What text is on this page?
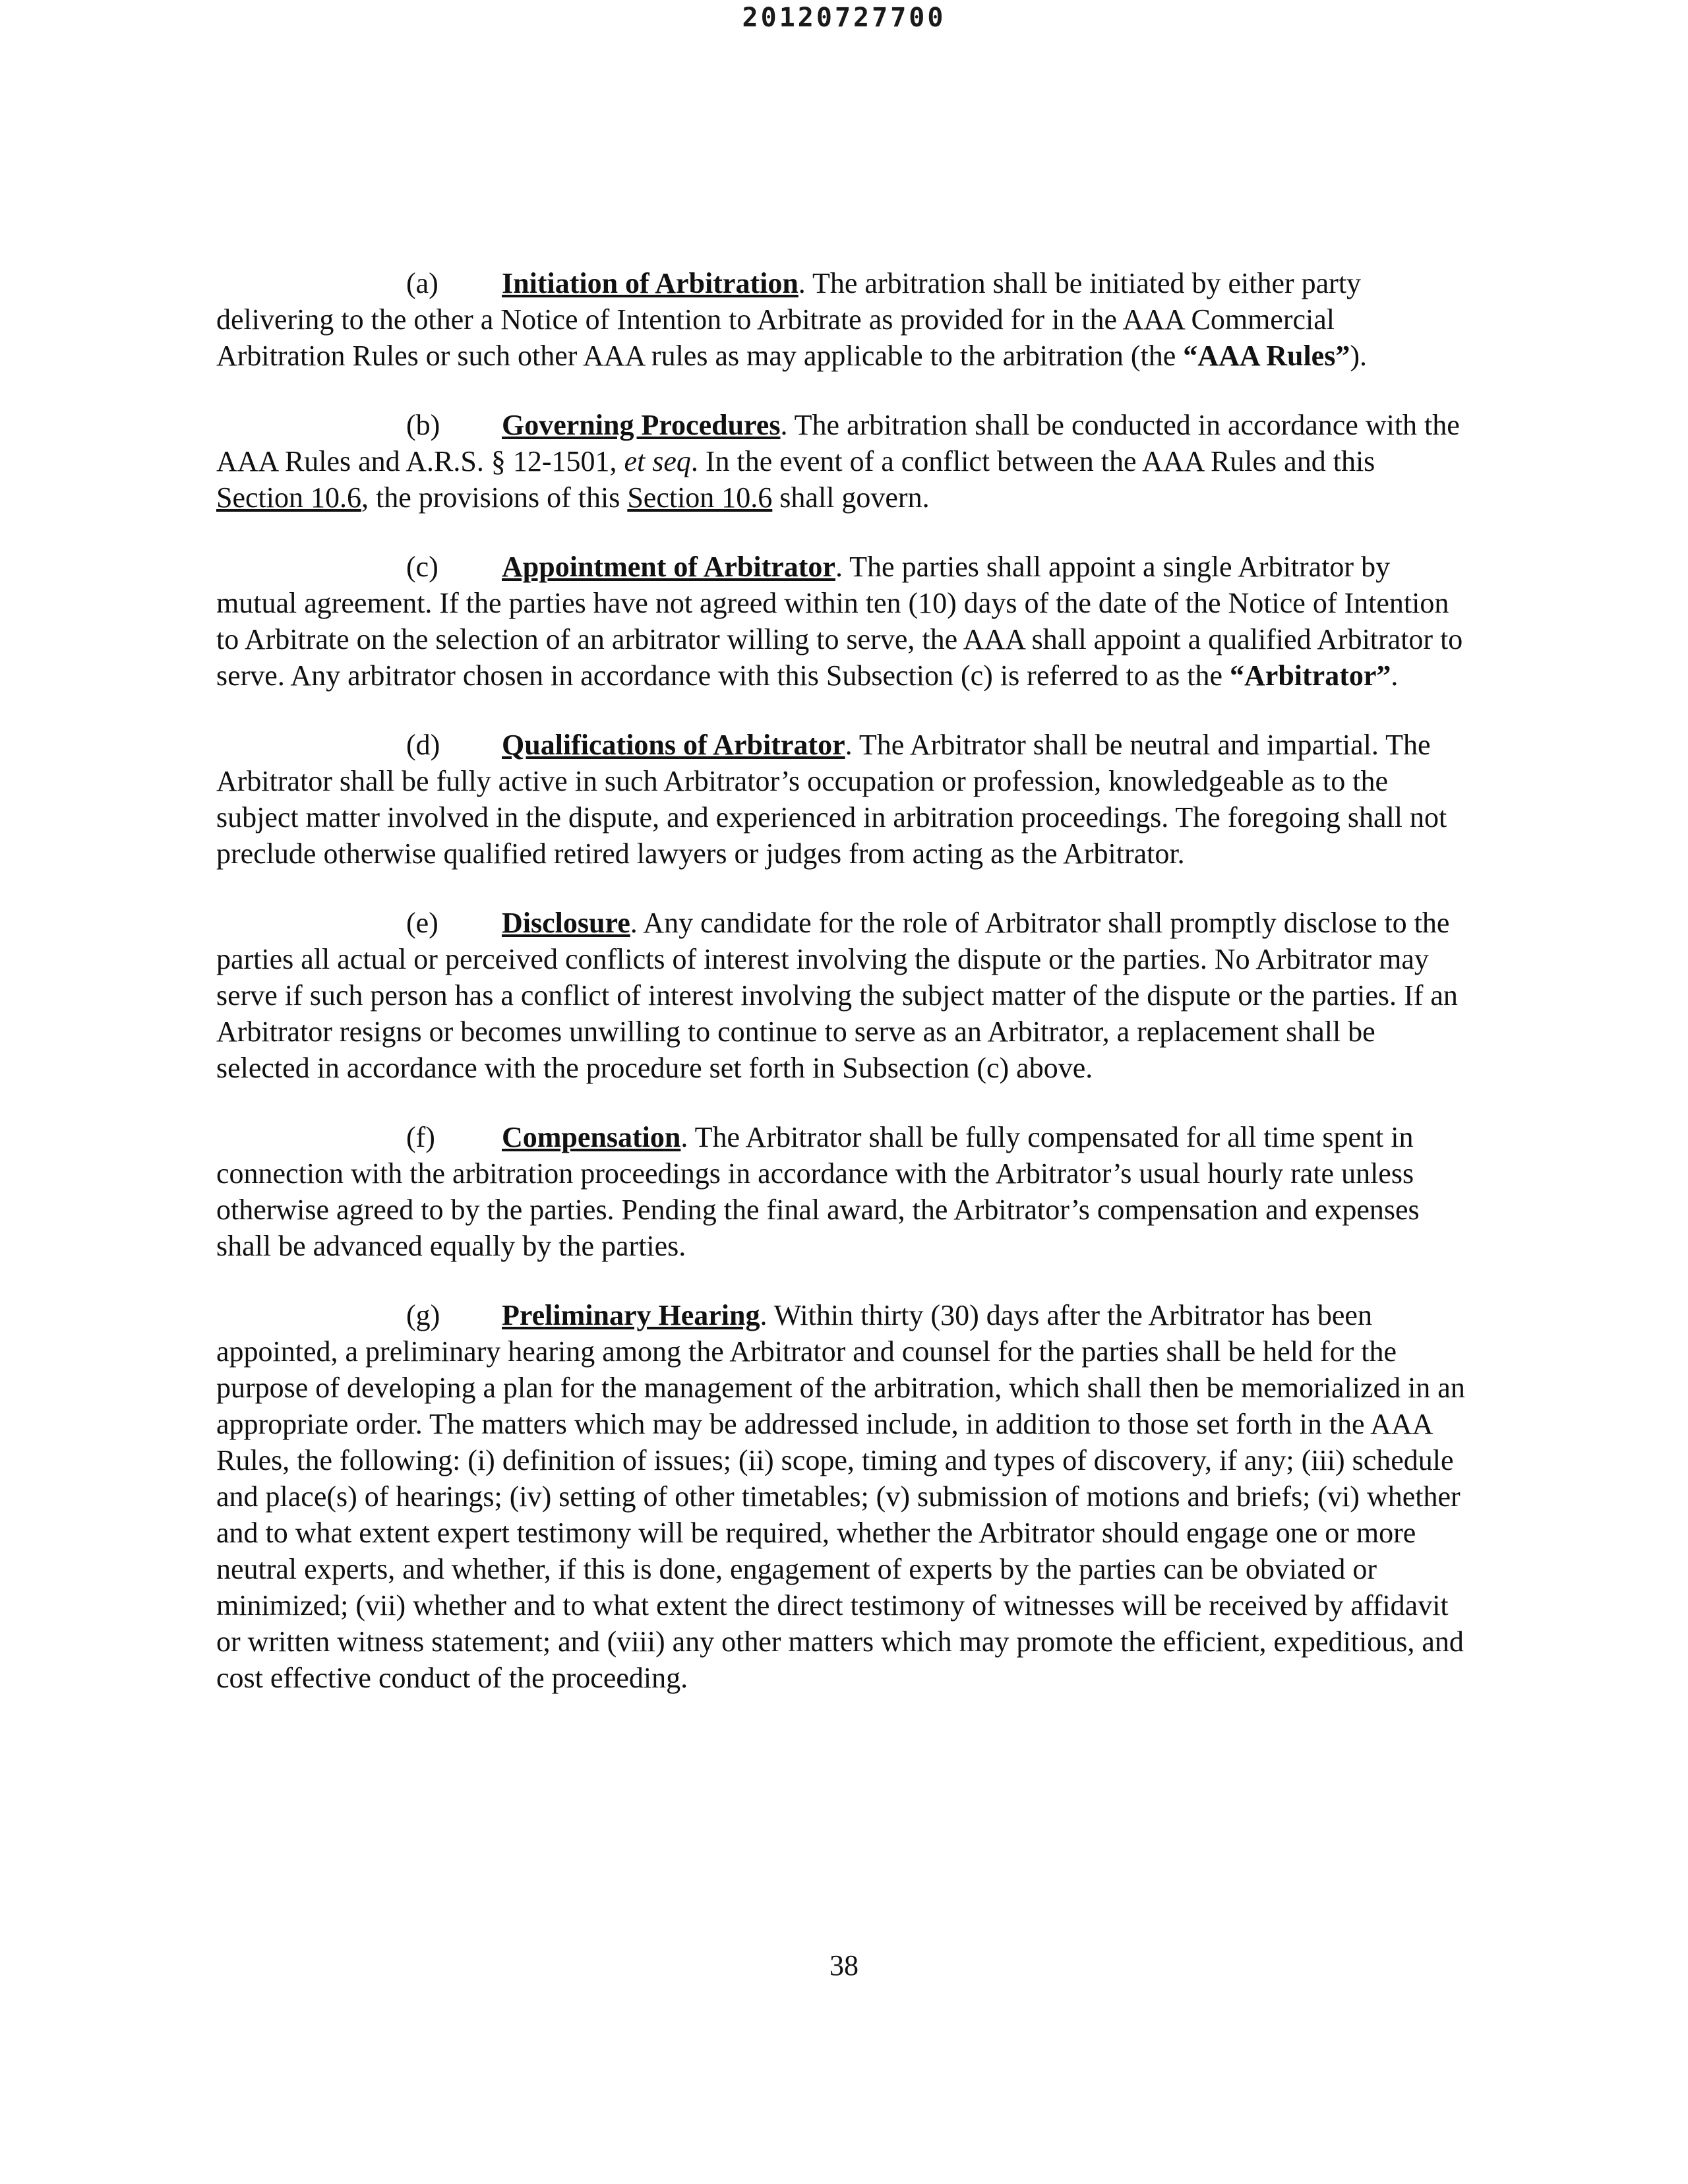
20120727700

(a) Initiation of Arbitration. The arbitration shall be initiated by either party delivering to the other a Notice of Intention to Arbitrate as provided for in the AAA Commercial Arbitration Rules or such other AAA rules as may applicable to the arbitration (the “AAA Rules”).

(b) Governing Procedures. The arbitration shall be conducted in accordance with the AAA Rules and A.R.S. § 12-1501, et seq. In the event of a conflict between the AAA Rules and this Section 10.6, the provisions of this Section 10.6 shall govern.

(c) Appointment of Arbitrator. The parties shall appoint a single Arbitrator by mutual agreement. If the parties have not agreed within ten (10) days of the date of the Notice of Intention to Arbitrate on the selection of an arbitrator willing to serve, the AAA shall appoint a qualified Arbitrator to serve. Any arbitrator chosen in accordance with this Subsection (c) is referred to as the “Arbitrator”.

(d) Qualifications of Arbitrator. The Arbitrator shall be neutral and impartial. The Arbitrator shall be fully active in such Arbitrator’s occupation or profession, knowledgeable as to the subject matter involved in the dispute, and experienced in arbitration proceedings. The foregoing shall not preclude otherwise qualified retired lawyers or judges from acting as the Arbitrator.

(e) Disclosure. Any candidate for the role of Arbitrator shall promptly disclose to the parties all actual or perceived conflicts of interest involving the dispute or the parties. No Arbitrator may serve if such person has a conflict of interest involving the subject matter of the dispute or the parties. If an Arbitrator resigns or becomes unwilling to continue to serve as an Arbitrator, a replacement shall be selected in accordance with the procedure set forth in Subsection (c) above.

(f) Compensation. The Arbitrator shall be fully compensated for all time spent in connection with the arbitration proceedings in accordance with the Arbitrator’s usual hourly rate unless otherwise agreed to by the parties. Pending the final award, the Arbitrator’s compensation and expenses shall be advanced equally by the parties.

(g) Preliminary Hearing. Within thirty (30) days after the Arbitrator has been appointed, a preliminary hearing among the Arbitrator and counsel for the parties shall be held for the purpose of developing a plan for the management of the arbitration, which shall then be memorialized in an appropriate order. The matters which may be addressed include, in addition to those set forth in the AAA Rules, the following: (i) definition of issues; (ii) scope, timing and types of discovery, if any; (iii) schedule and place(s) of hearings; (iv) setting of other timetables; (v) submission of motions and briefs; (vi) whether and to what extent expert testimony will be required, whether the Arbitrator should engage one or more neutral experts, and whether, if this is done, engagement of experts by the parties can be obviated or minimized; (vii) whether and to what extent the direct testimony of witnesses will be received by affidavit or written witness statement; and (viii) any other matters which may promote the efficient, expeditious, and cost effective conduct of the proceeding.

38
